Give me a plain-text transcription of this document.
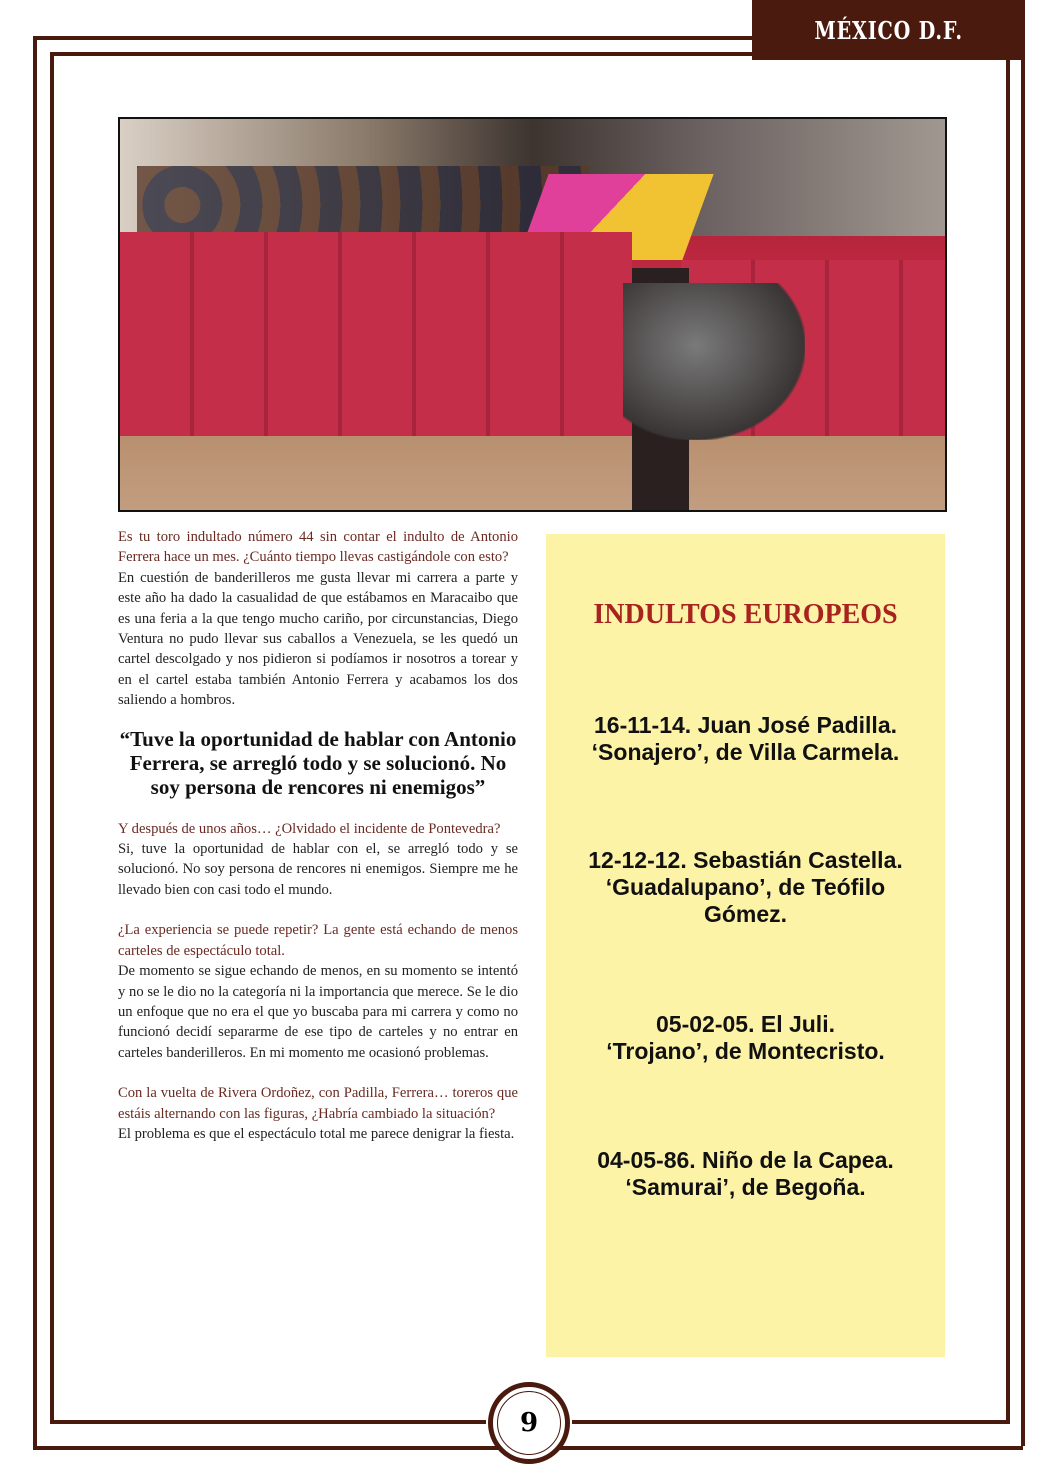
MÉXICO D.F.

Es tu toro indultado número 44 sin contar el indulto de Antonio Ferrera hace un mes. ¿Cuánto tiempo llevas castigándole con esto?

En cuestión de banderilleros me gusta llevar mi carrera a parte y este año ha dado la casualidad de que estábamos en Maracaibo que es una feria a la que tengo mucho cariño, por circunstancias, Diego Ventura no pudo llevar sus caballos a Venezuela, se les quedó un cartel descolgado y nos pidieron si podíamos ir nosotros a torear y en el cartel estaba también Antonio Ferrera y acabamos los dos saliendo a hombros.

“Tuve la oportunidad de hablar con Antonio Ferrera, se arregló todo y se solucionó. No soy persona de rencores ni enemigos”

Y después de unos años… ¿Olvidado el incidente de Pontevedra?

Si, tuve la oportunidad de hablar con el, se arregló todo y se solucionó. No soy persona de rencores ni enemigos. Siempre me he llevado bien con casi todo el mundo.

¿La experiencia se puede repetir? La gente está echando de menos carteles de espectáculo total.

De momento se sigue echando de menos, en su momento se intentó y no se le dio no la categoría ni la importancia que merece. Se le dio un enfoque que no era el que yo buscaba para mi carrera y como no funcionó decidí separarme de ese tipo de carteles y no entrar en carteles banderilleros. En mi momento me ocasionó problemas.

Con la vuelta de Rivera Ordoñez, con Padilla, Ferrera… toreros que estáis alternando con las figuras, ¿Habría cambiado la situación?

El problema es que el espectáculo total me parece denigrar la fiesta.

INDULTOS EUROPEOS
16-11-14. Juan José Padilla.
‘Sonajero’, de Villa Carmela.
12-12-12. Sebastián Castella.
‘Guadalupano’, de Teófilo Gómez.
05-02-05. El Juli.
‘Trojano’, de Montecristo.
04-05-86. Niño de la Capea.
‘Samurai’, de Begoña.
9
